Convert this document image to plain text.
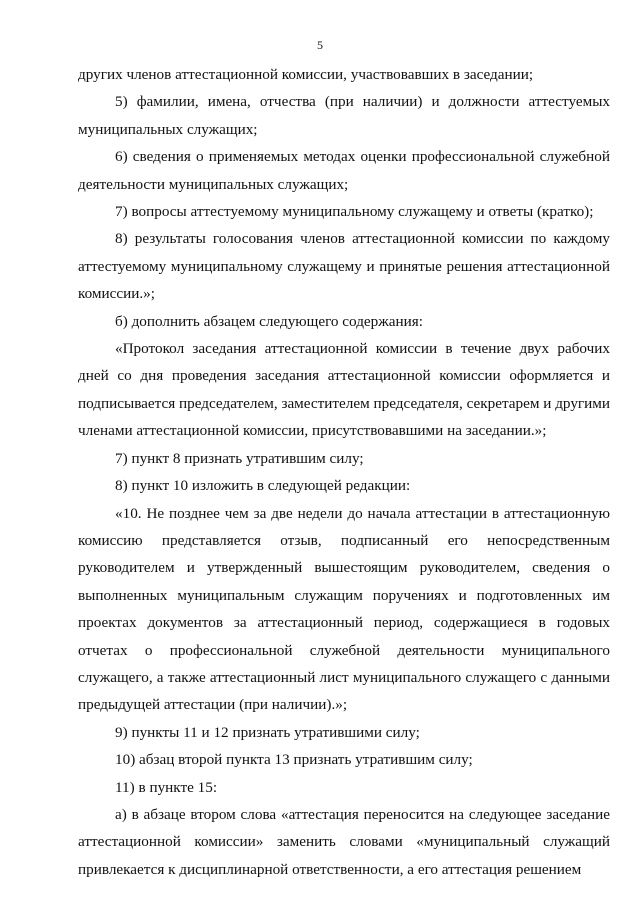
5

других членов аттестационной комиссии, участвовавших в заседании;

5) фамилии, имена, отчества (при наличии) и должности аттестуемых муниципальных служащих;

6) сведения о применяемых методах оценки профессиональной служебной деятельности муниципальных служащих;

7) вопросы аттестуемому муниципальному служащему и ответы (кратко);

8) результаты голосования членов аттестационной комиссии по каждому аттестуемому муниципальному служащему и принятые решения аттестационной комиссии.»;

б) дополнить абзацем следующего содержания:

«Протокол заседания аттестационной комиссии в течение двух рабочих дней со дня проведения заседания аттестационной комиссии оформляется и подписывается председателем, заместителем председателя, секретарем и другими членами аттестационной комиссии, присутствовавшими на заседании.»;

7) пункт 8 признать утратившим силу;

8) пункт 10 изложить в следующей редакции:

«10. Не позднее чем за две недели до начала аттестации в аттестационную комиссию представляется отзыв, подписанный его непосредственным руководителем и утвержденный вышестоящим руководителем, сведения о выполненных муниципальным служащим поручениях и подготовленных им проектах документов за аттестационный период, содержащиеся в годовых отчетах о профессиональной служебной деятельности муниципального служащего, а также аттестационный лист муниципального служащего с данными предыдущей аттестации (при наличии).»;

9) пункты 11 и 12 признать утратившими силу;

10) абзац второй пункта 13 признать утратившим силу;

11) в пункте 15:

а) в абзаце втором слова «аттестация переносится на следующее заседание аттестационной комиссии» заменить словами «муниципальный служащий привлекается к дисциплинарной ответственности, а его аттестация решением
